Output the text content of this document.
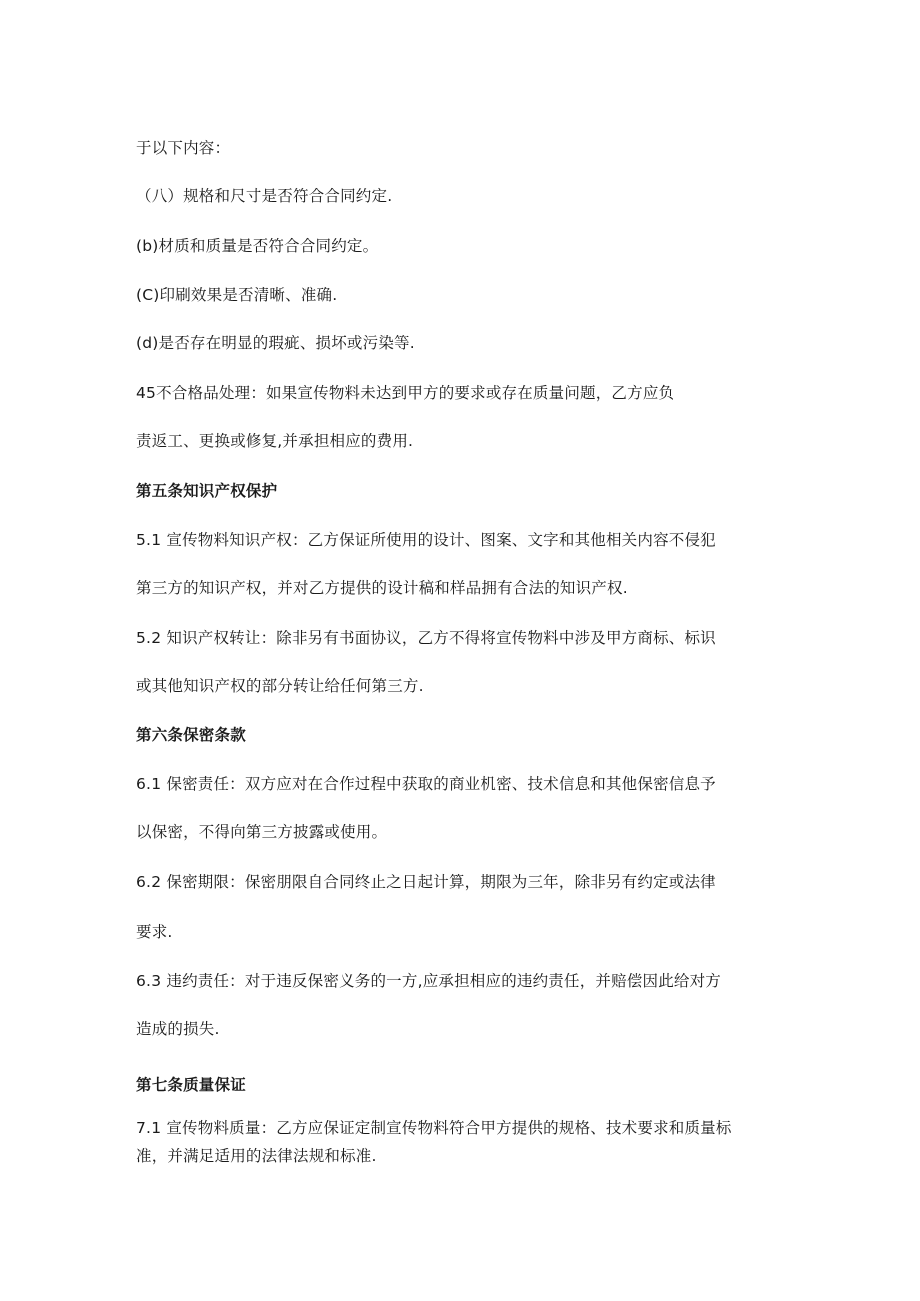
于以下内容：
（八）规格和尺寸是否符合合同约定.
(b)材质和质量是否符合合同约定。
(C)印刷效果是否清晰、准确.
(d)是否存在明显的瑕疵、损坏或污染等.
45不合格品处理：如果宣传物料未达到甲方的要求或存在质量问题，乙方应负
责返工、更换或修复,并承担相应的费用.
第五条知识产权保护
5.1 宣传物料知识产权：乙方保证所使用的设计、图案、文字和其他相关内容不侵犯
第三方的知识产权，并对乙方提供的设计稿和样品拥有合法的知识产权.
5.2 知识产权转让：除非另有书面协议，乙方不得将宣传物料中涉及甲方商标、标识
或其他知识产权的部分转让给任何第三方.
第六条保密条款
6.1 保密责任：双方应对在合作过程中获取的商业机密、技术信息和其他保密信息予
以保密，不得向第三方披露或使用。
6.2 保密期限：保密朋限自合同终止之日起计算，期限为三年，除非另有约定或法律
要求.
6.3 违约责任：对于违反保密义务的一方,应承担相应的违约责任，并赔偿因此给对方
造成的损失.
第七条质量保证
7.1 宣传物料质量：乙方应保证定制宣传物料符合甲方提供的规格、技术要求和质量标
准，并满足适用的法律法规和标准.
